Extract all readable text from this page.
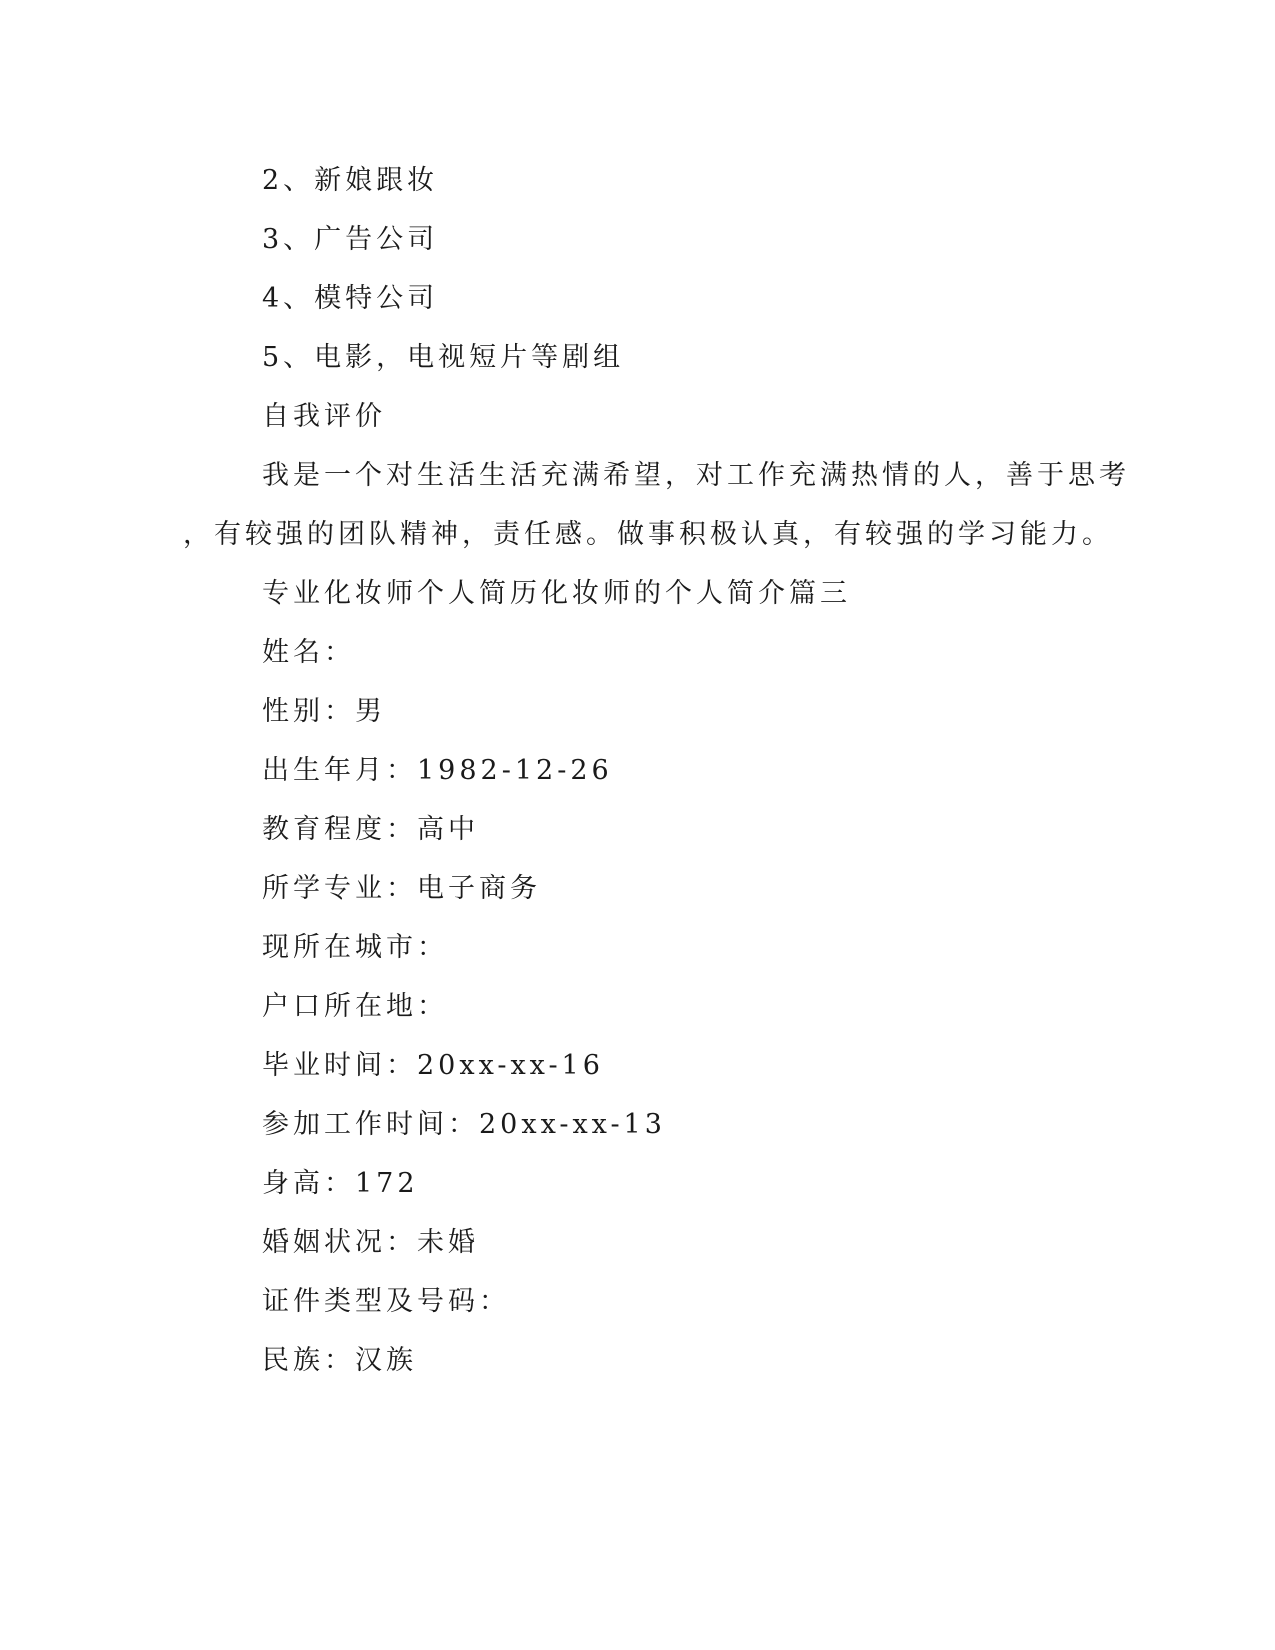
2、新娘跟妆
3、广告公司
4、模特公司
5、电影，电视短片等剧组
自我评价
我是一个对生活生活充满希望，对工作充满热情的人，善于思考
，有较强的团队精神，责任感。做事积极认真，有较强的学习能力。
专业化妆师个人简历化妆师的个人简介篇三
姓名：
性别：男
出生年月：1982-12-26
教育程度：高中
所学专业：电子商务
现所在城市：
户口所在地：
毕业时间：20xx-xx-16
参加工作时间：20xx-xx-13
身高：172
婚姻状况：未婚
证件类型及号码：
民族：汉族
